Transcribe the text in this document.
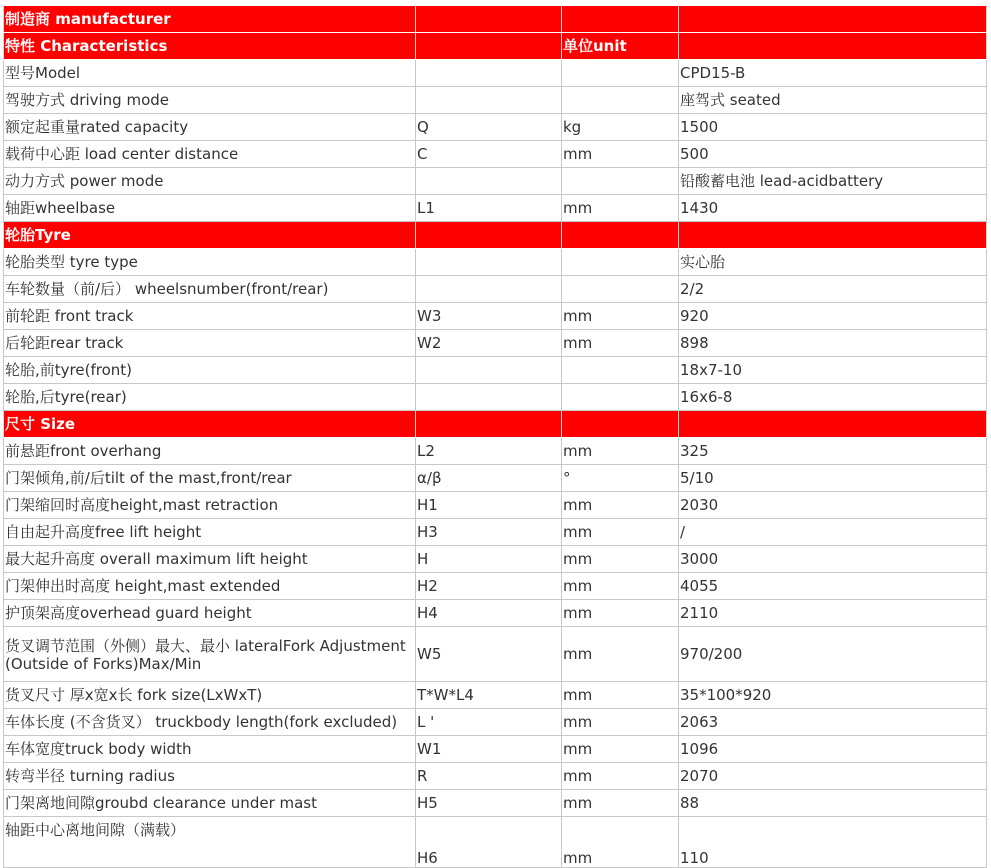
制造商 manufacturer			
特性 Characteristics		单位unit	
型号Model			CPD15-B
驾驶方式 driving mode			座驾式 seated
额定起重量rated capacity	Q	kg	1500
载荷中心距 load center distance	C	mm	500
动力方式 power mode			铅酸蓄电池 lead-acidbattery
轴距wheelbase	L1	mm	1430
轮胎Tyre			
轮胎类型 tyre type			实心胎
车轮数量（前/后） wheelsnumber(front/rear)			2/2
前轮距 front track	W3	mm	920
后轮距rear track	W2	mm	898
轮胎,前tyre(front)			18x7-10
轮胎,后tyre(rear)			16x6-8
尺寸 Size			
前悬距front overhang	L2	mm	325
门架倾角,前/后tilt of the mast,front/rear	α/β	°	5/10
门架缩回时高度height,mast retraction	H1	mm	2030
自由起升高度free lift height	H3	mm	/
最大起升高度 overall maximum lift height	H	mm	3000
门架伸出时高度 height,mast extended	H2	mm	4055
护顶架高度overhead guard height	H4	mm	2110
货叉调节范围（外侧）最大、最小 lateralFork Adjustment(Outside of Forks)Max/Min	W5	mm	970/200
货叉尺寸 厚x宽x长 fork size(LxWxT)	T*W*L4	mm	35*100*920
车体长度 (不含货叉） truckbody length(fork excluded)	L '	mm	2063
车体宽度truck body width	W1	mm	1096
转弯半径 turning radius	R	mm	2070
门架离地间隙groubd clearance under mast	H5	mm	88
轴距中心离地间隙（满载）	H6	mm	110
